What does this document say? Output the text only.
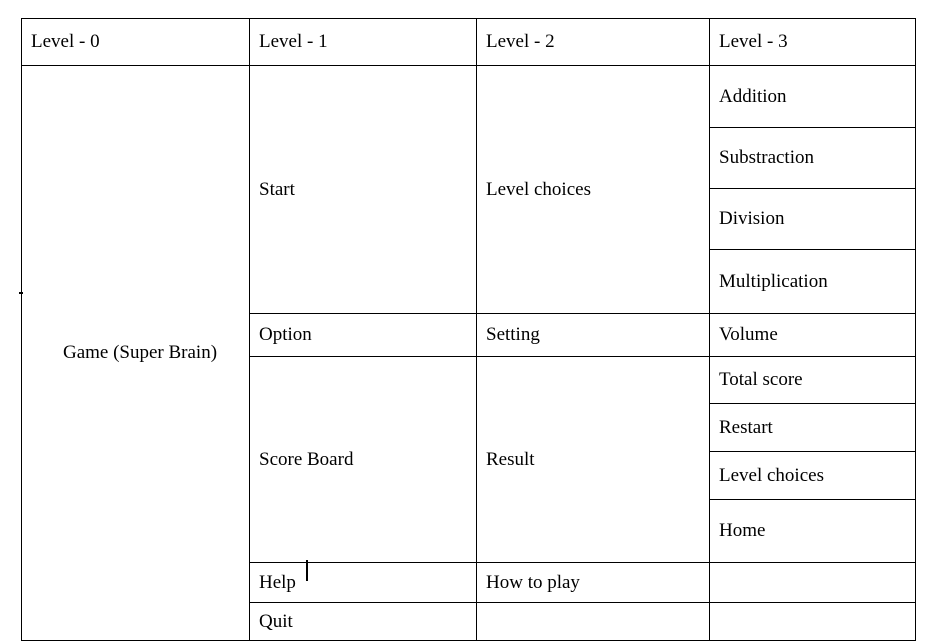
Level - 0	Level - 1	Level - 2	Level - 3
Game (Super Brain)	Start	Level choices	Addition
			Substraction
			Division
			Multiplication
	Option	Setting	Volume
	Score Board	Result	Total score
			Restart
			Level choices
			Home
	Help	How to play	
	Quit		
